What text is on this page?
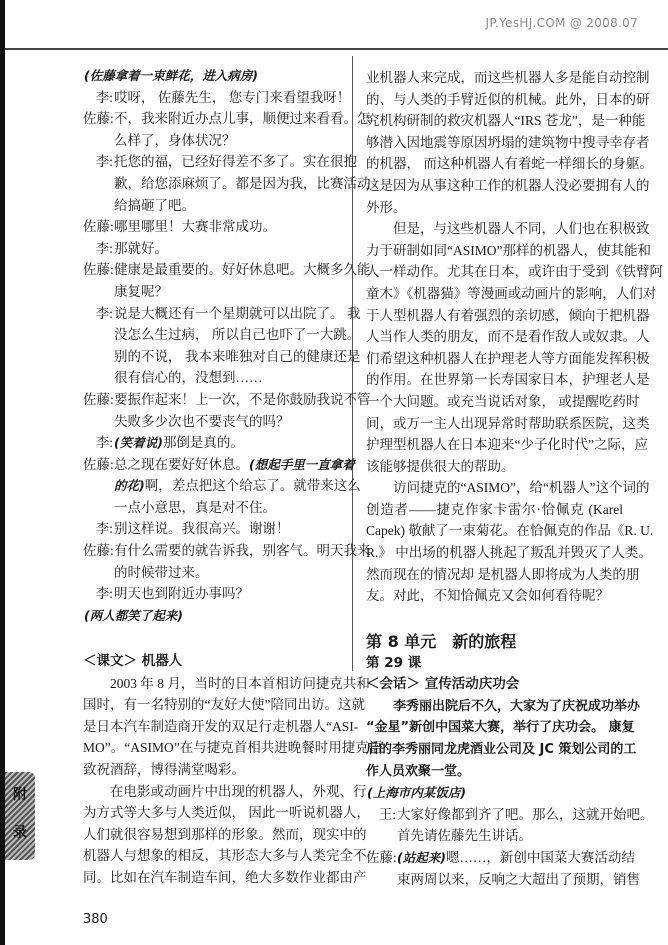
JP.YesHJ.COM @ 2008.07
(佐藤拿着一束鲜花，进入病房)
李: 哎呀， 佐藤先生， 您专门来看望我呀！
佐藤: 不，我来附近办点儿事，顺便过来看看。怎
么样了，身体状况？
李: 托您的福，已经好得差不多了。实在很抱
歉，给您添麻烦了。都是因为我，比赛活动
给搞砸了吧。
佐藤: 哪里哪里！大赛非常成功。
李: 那就好。
佐藤: 健康是最重要的。好好休息吧。大概多久能
康复呢？
李: 说是大概还有一个星期就可以出院了。 我
没怎么生过病， 所以自己也吓了一大跳。
别的不说， 我本来唯独对自己的健康还是
很有信心的，没想到……
佐藤: 要振作起来！上一次，不是你鼓励我说不管
失败多少次也不要丧气的吗？
李: (笑着说)那倒是真的。
佐藤: 总之现在要好好休息。(想起手里一直拿着
的花)啊，差点把这个给忘了。就带来这么
一点小意思，真是对不住。
李: 别这样说。我很高兴。谢谢！
佐藤: 有什么需要的就告诉我，别客气。明天我来
的时候带过来。
李: 明天也到附近办事吗？
(两人都笑了起来)
＜课文＞ 机器人
2003 年 8 月，当时的日本首相访问捷克共和
国时，有一名特别的“友好大使”陪同出访。这就
是日本汽车制造商开发的双足行走机器人“ASI-
MO”。“ASIMO”在与捷克首相共进晚餐时用捷克语
致祝酒辞，博得满堂喝彩。
在电影或动画片中出现的机器人，外观、行
为方式等大多与人类近似， 因此一听说机器人，
人们就很容易想到那样的形象。然而，现实中的
机器人与想象的相反，其形态大多与人类完全不
同。比如在汽车制造车间，绝大多数作业都由产
业机器人来完成，而这些机器人多是能自动控制
的、与人类的手臂近似的机械。此外，日本的研
究机构研制的救灾机器人“IRS 苍龙”，是一种能
够潜入因地震等原因坍塌的建筑物中搜寻幸存者
的机器， 而这种机器人有着蛇一样细长的身躯。
这是因为从事这种工作的机器人没必要拥有人的
外形。
但是，与这些机器人不同，人们也在积极致
力于研制如同“ASIMO”那样的机器人，使其能和
人一样动作。尤其在日本，或许由于受到《铁臂阿
童木》《机器猫》等漫画或动画片的影响，人们对
于人型机器人有着强烈的亲切感，倾向于把机器
人当作人类的朋友，而不是看作敌人或奴隶。人
们希望这种机器人在护理老人等方面能发挥积极
的作用。在世界第一长寿国家日本，护理老人是
一个大问题。或充当说话对象， 或提醒吃药时
间，或万一主人出现异常时帮助联系医院，这类
护理型机器人在日本迎来“少子化时代”之际，应
该能够提供很大的帮助。
访问捷克的“ASIMO”，给“机器人”这个词的
创造者——捷克作家卡雷尔·恰佩克 (Karel
Capek) 敬献了一束菊花。在恰佩克的作品《R. U.
R.》 中出场的机器人挑起了叛乱并毁灭了人类。
然而现在的情况却 是机器人即将成为人类的朋
友。对此，不知恰佩克又会如何看待呢？
第 8 单元　新的旅程
第 29 课
＜会话＞ 宣传活动庆功会
李秀丽出院后不久，大家为了庆祝成功举办
“金星”新创中国菜大赛，举行了庆功会。 康复
后的李秀丽同龙虎酒业公司及 JC 策划公司的工
作人员欢聚一堂。
(上海市内某饭店)
王: 大家好像都到齐了吧。那么，这就开始吧。
首先请佐藤先生讲话。
佐藤: (站起来)嗯……，新创中国菜大赛活动结
束两周以来，反响之大超出了预期，销售
380
附
录
